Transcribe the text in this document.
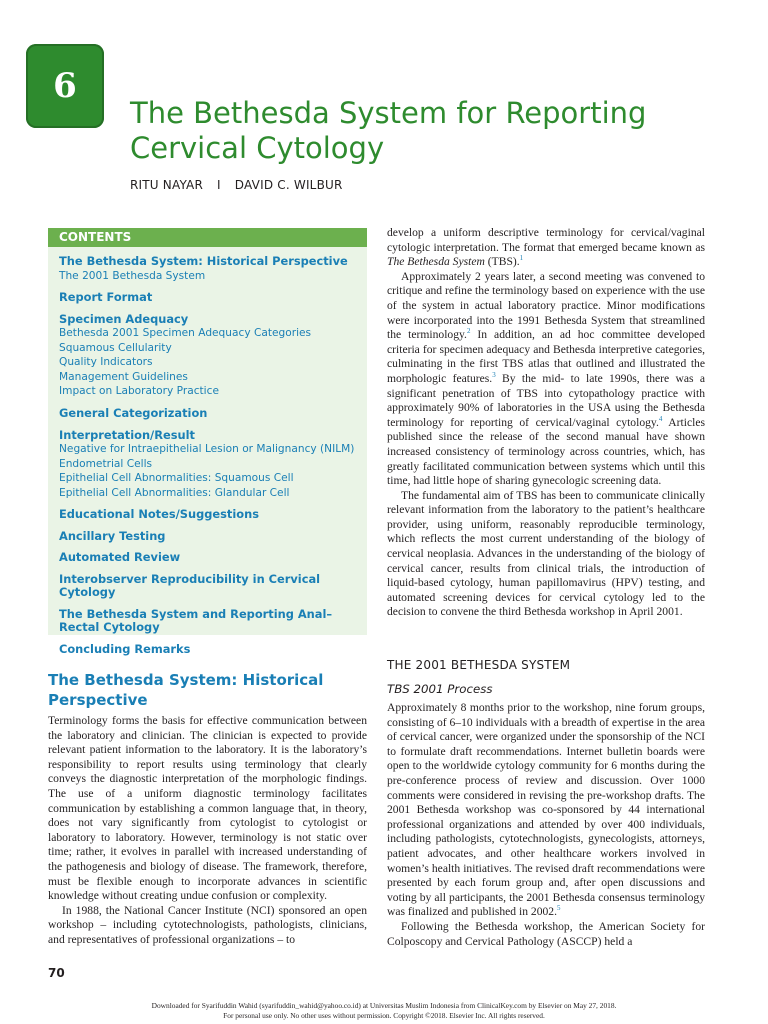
6
The Bethesda System for Reporting Cervical Cytology
RITU NAYAR I DAVID C. WILBUR
CONTENTS
The Bethesda System: Historical Perspective
The 2001 Bethesda System
Report Format
Specimen Adequacy
Bethesda 2001 Specimen Adequacy Categories
Squamous Cellularity
Quality Indicators
Management Guidelines
Impact on Laboratory Practice
General Categorization
Interpretation/Result
Negative for Intraepithelial Lesion or Malignancy (NILM)
Endometrial Cells
Epithelial Cell Abnormalities: Squamous Cell
Epithelial Cell Abnormalities: Glandular Cell
Educational Notes/Suggestions
Ancillary Testing
Automated Review
Interobserver Reproducibility in Cervical Cytology
The Bethesda System and Reporting Anal–Rectal Cytology
Concluding Remarks
The Bethesda System: Historical Perspective

Terminology forms the basis for effective communication between the laboratory and clinician. The clinician is expected to provide relevant patient information to the laboratory. It is the laboratory’s responsibility to report results using terminology that clearly conveys the diagnostic interpretation of the morphologic findings. The use of a uniform diagnostic terminology facilitates communication by establishing a common language that, in theory, does not vary significantly from cytologist to cytologist or laboratory to laboratory. However, terminology is not static over time; rather, it evolves in parallel with increased understanding of the pathogenesis and biology of disease. The framework, therefore, must be flexible enough to incorporate advances in scientific knowledge without creating undue confusion or complexity.

In 1988, the National Cancer Institute (NCI) sponsored an open workshop – including cytotechnologists, pathologists, clinicians, and representatives of professional organizations – to

develop a uniform descriptive terminology for cervical/vaginal cytologic interpretation. The format that emerged became known as The Bethesda System (TBS).$^1$

Approximately 2 years later, a second meeting was convened to critique and refine the terminology based on experience with the use of the system in actual laboratory practice. Minor modifications were incorporated into the 1991 Bethesda System that streamlined the terminology.$^2$ In addition, an ad hoc committee developed criteria for specimen adequacy and Bethesda interpretive categories, culminating in the first TBS atlas that outlined and illustrated the morphologic features.$^3$ By the mid- to late 1990s, there was a significant penetration of TBS into cytopathology practice with approximately 90% of laboratories in the USA using the Bethesda terminology for reporting of cervical/vaginal cytology.$^4$ Articles published since the release of the second manual have shown increased consistency of terminology across countries, which, has greatly facilitated communication between systems which until this time, had little hope of sharing gynecologic screening data.

The fundamental aim of TBS has been to communicate clinically relevant information from the laboratory to the patient’s healthcare provider, using uniform, reasonably reproducible terminology, which reflects the most current understanding of the biology of cervical neoplasia. Advances in the understanding of the biology of cervical cancer, results from clinical trials, the introduction of liquid-based cytology, human papillomavirus (HPV) testing, and automated screening devices for cervical cytology led to the decision to convene the third Bethesda workshop in April 2001.

THE 2001 BETHESDA SYSTEM
TBS 2001 Process

Approximately 8 months prior to the workshop, nine forum groups, consisting of 6–10 individuals with a breadth of expertise in the area of cervical cancer, were organized under the sponsorship of the NCI to formulate draft recommendations. Internet bulletin boards were open to the worldwide cytology community for 6 months during the pre-conference process of review and discussion. Over 1000 comments were considered in revising the pre-workshop drafts. The 2001 Bethesda workshop was co-sponsored by 44 international professional organizations and attended by over 400 individuals, including pathologists, cytotechnologists, gynecologists, attorneys, patient advocates, and other healthcare workers involved in women’s health initiatives. The revised draft recommendations were presented by each forum group and, after open discussions and voting by all participants, the 2001 Bethesda consensus terminology was finalized and published in 2002.$^5$

Following the Bethesda workshop, the American Society for Colposcopy and Cervical Pathology (ASCCP) held a

70
Downloaded for Syarifuddin Wahid (syarifuddin_wahid@yahoo.co.id) at Universitas Muslim Indonesia from ClinicalKey.com by Elsevier on May 27, 2018.
For personal use only. No other uses without permission. Copyright ©2018. Elsevier Inc. All rights reserved.
